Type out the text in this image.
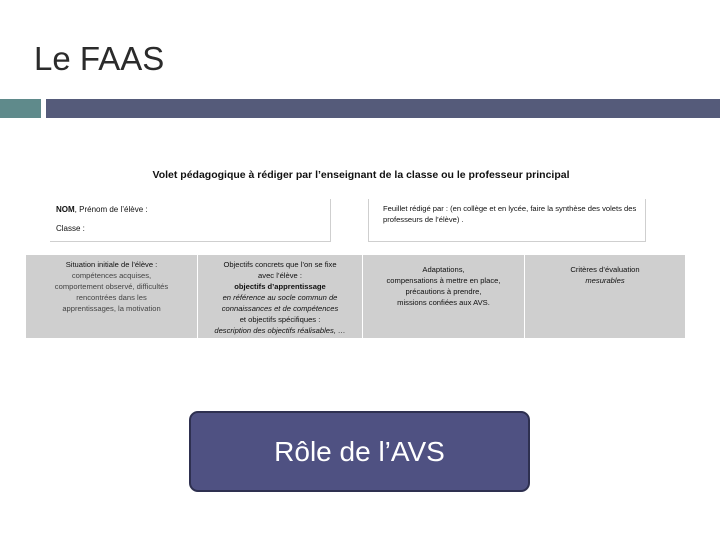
Le FAAS
Volet pédagogique à rédiger par l’enseignant de la classe ou le professeur principal
NOM, Prénom de l’élève :
Classe :
Feuillet rédigé par : (en collège et en lycée, faire la synthèse des volets des professeurs de l’élève) .
Situation initiale de l’élève :
compétences acquises,
comportement observé, difficultés
rencontrées dans les
apprentissages, la motivation
Objectifs concrets que l’on se fixe
avec l’élève :
objectifs d’apprentissage
en référence au socle commun de
connaissances et de compétences
et objectifs spécifiques :
description des objectifs réalisables, …
Adaptations,
compensations à mettre en place,
précautions à prendre,
missions confiées aux AVS.
Critères d’évaluation
mesurables
Rôle de l’AVS
